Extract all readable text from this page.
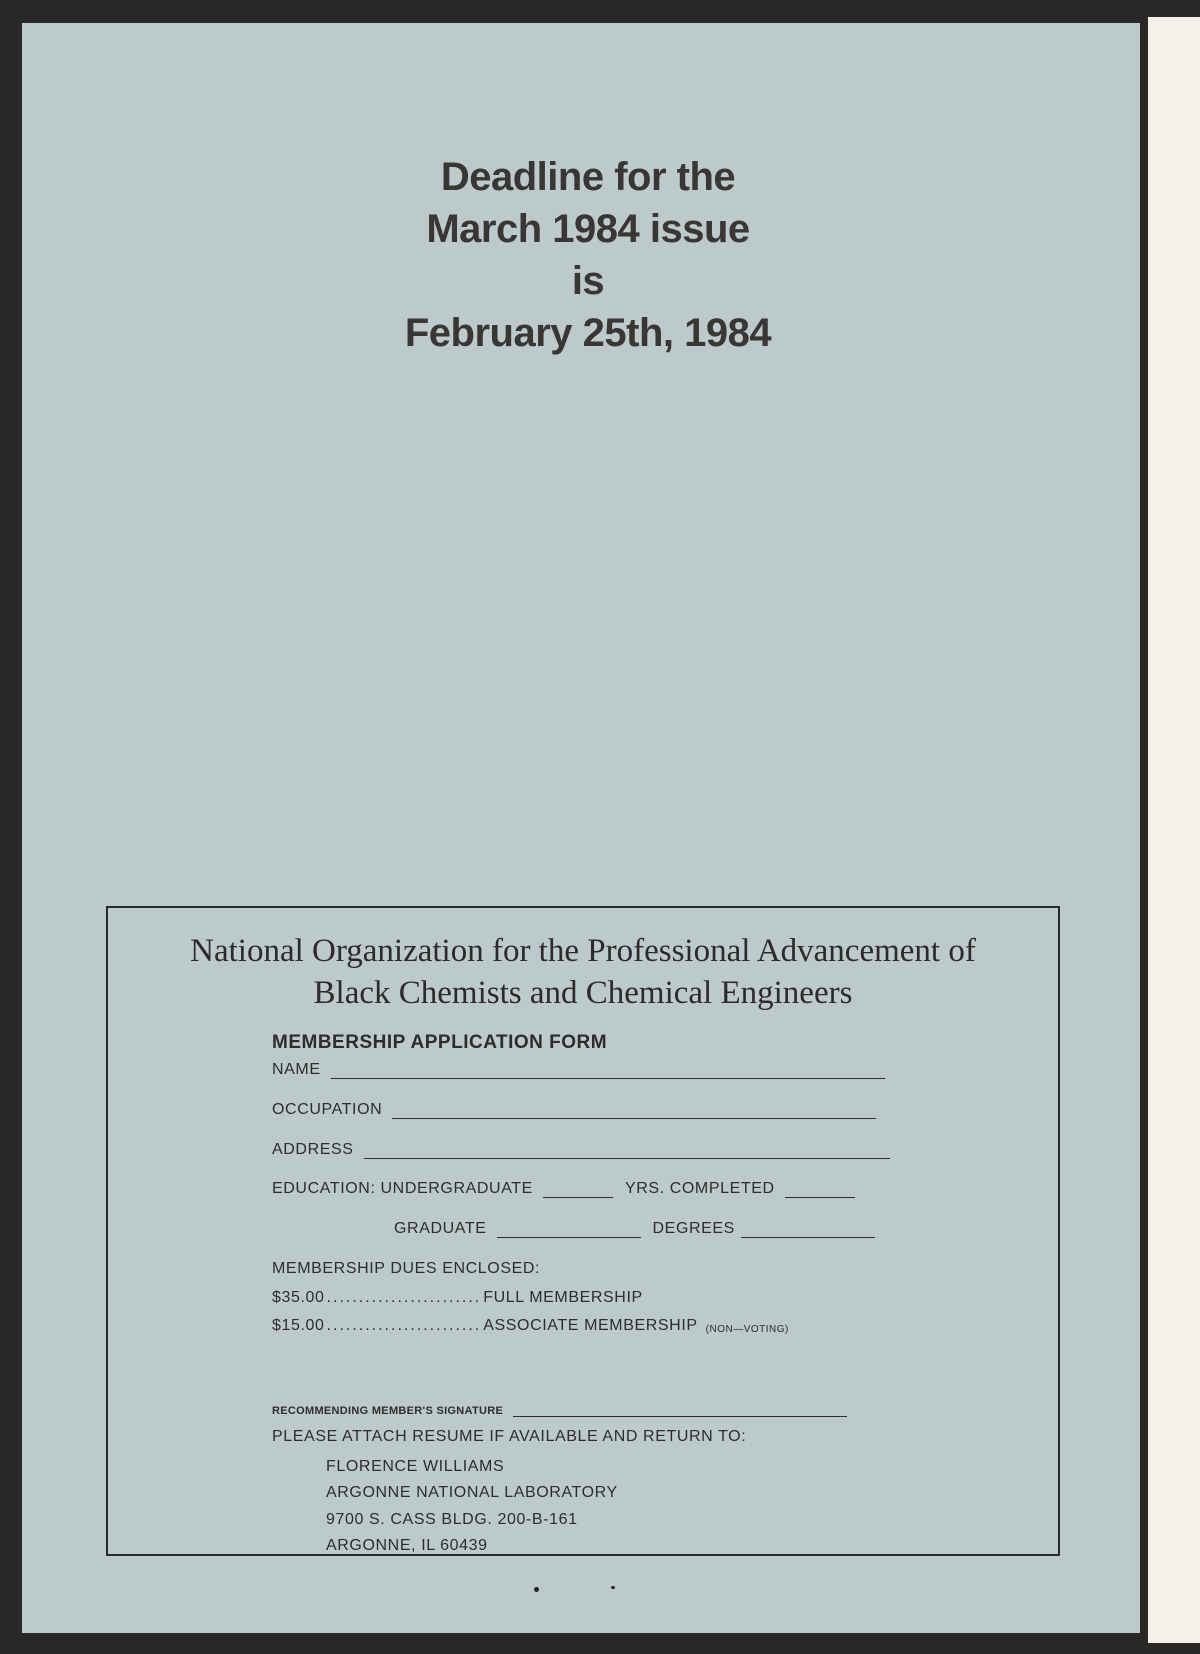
Deadline for the
March 1984 issue
is
February 25th, 1984
National Organization for the Professional Advancement of
Black Chemists and Chemical Engineers
MEMBERSHIP APPLICATION FORM
NAME
OCCUPATION
ADDRESS
EDUCATION: UNDERGRADUATE	YRS. COMPLETED
GRADUATE	DEGREES
MEMBERSHIP DUES ENCLOSED:
$35.00 ........................ FULL MEMBERSHIP
$15.00 ........................ ASSOCIATE MEMBERSHIP (NON—VOTING)
RECOMMENDING MEMBER'S SIGNATURE
PLEASE ATTACH RESUME IF AVAILABLE AND RETURN TO:
FLORENCE WILLIAMS
ARGONNE NATIONAL LABORATORY
9700 S. CASS BLDG. 200-B-161
ARGONNE, IL 60439
